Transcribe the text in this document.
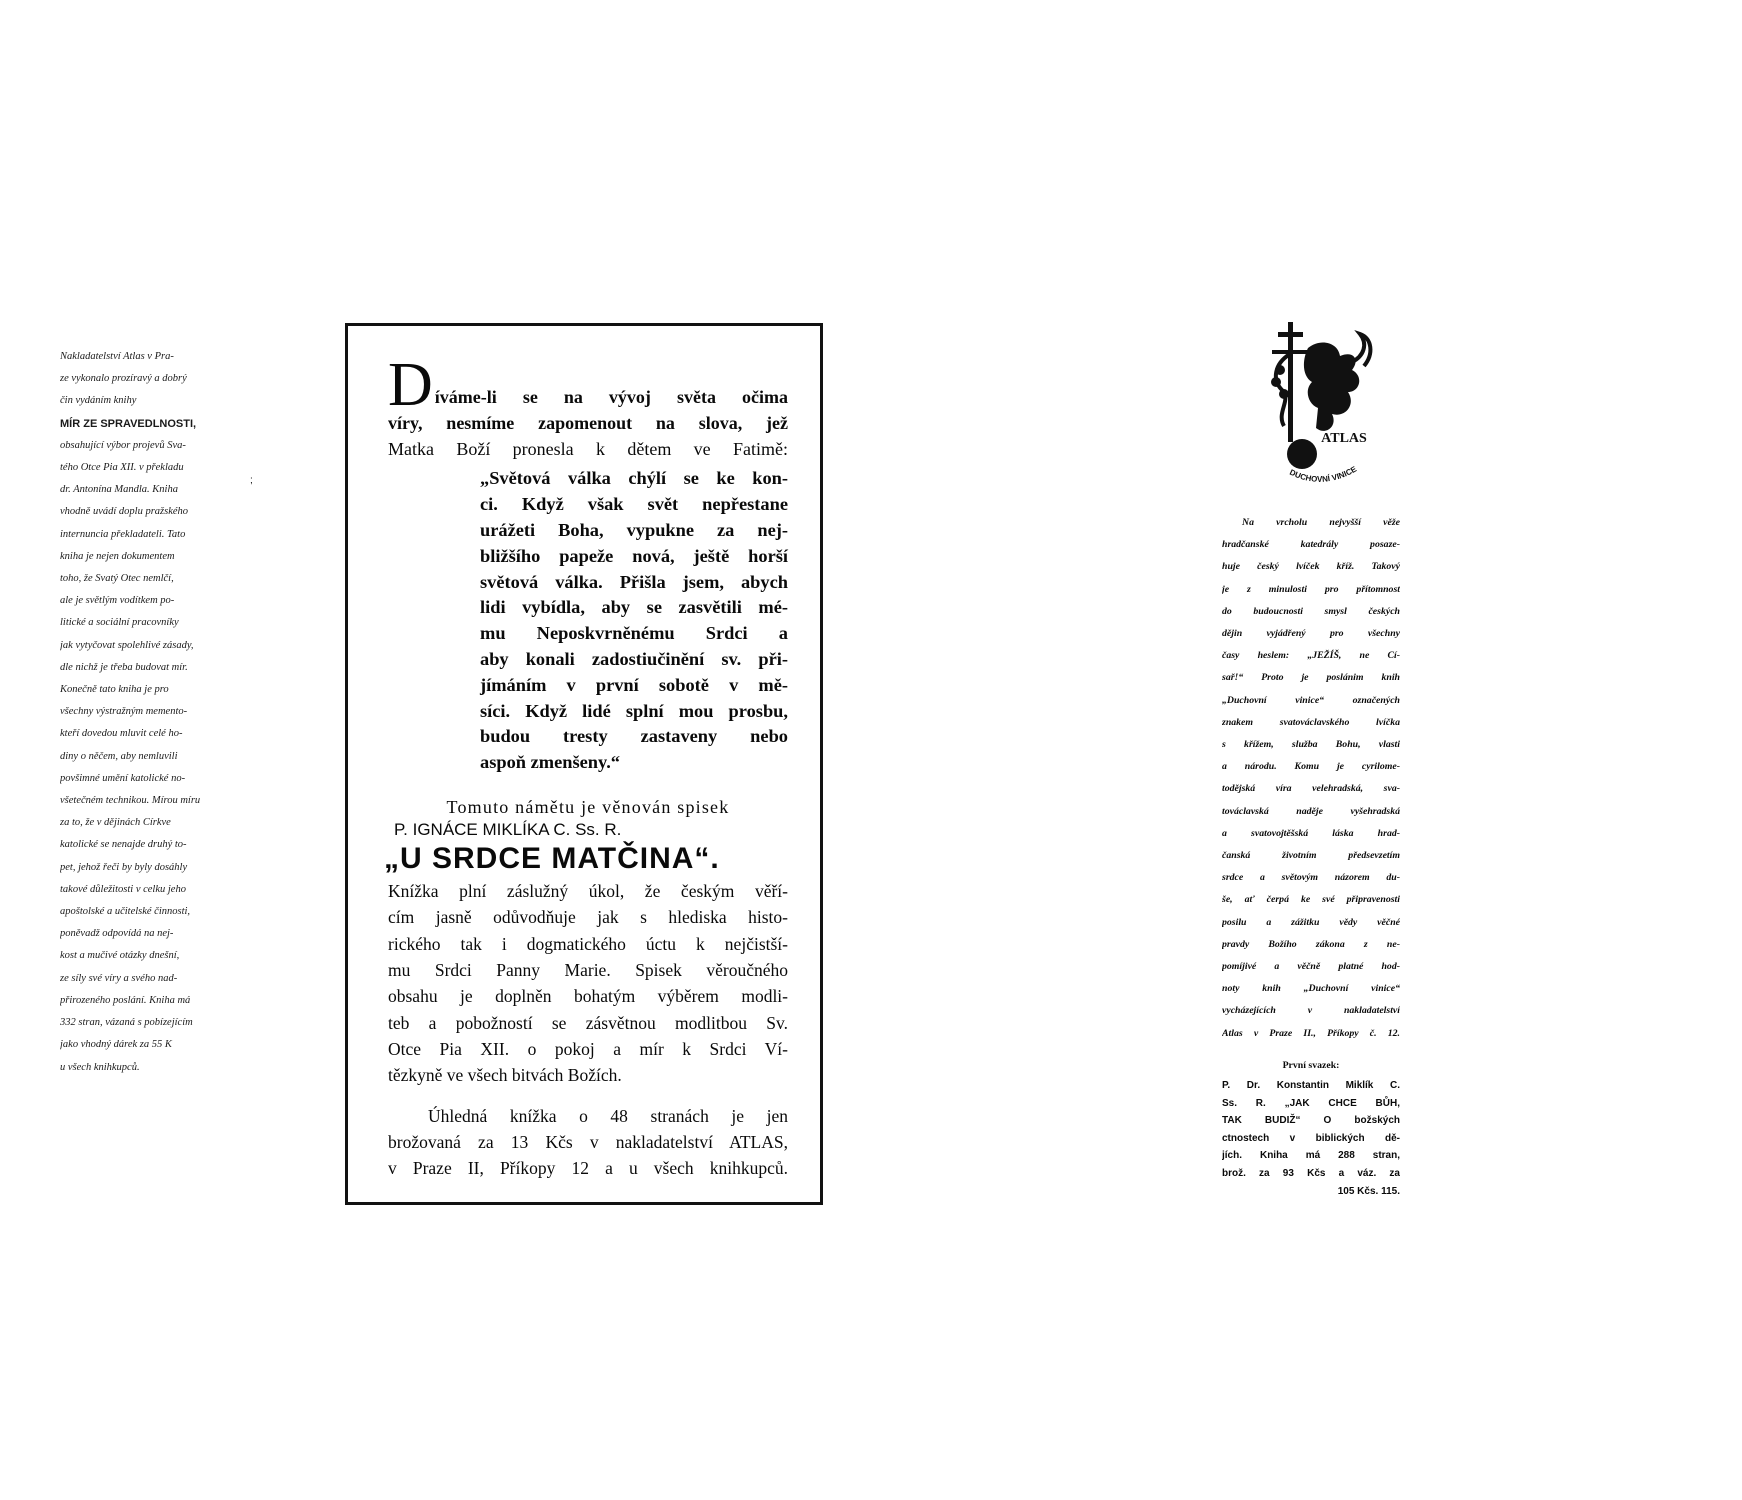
Nakladatelství Atlas v Pra-
ze vykonalo prozíravý a dobrý
čin vydáním knihy
MÍR ZE SPRAVEDLNOSTI,
obsahující výbor projevů Sva-
tého Otce Pia XII. v překladu
dr. Antonína Mandla. Kniha
vhodně uvádí doplu pražského
internuncia překladateli. Tato
kniha je nejen dokumentem
toho, že Svatý Otec nemlčí,
ale je světlým vodítkem po-
litické a sociální pracovníky
jak vytyčovat spolehlivé zásady,
dle nichž je třeba budovat mír.
Konečně tato kniha je pro
všechny výstražným memento-
kteří dovedou mluvit celé ho-
diny o něčem, aby nemluvili
povšimné umění katolické no-
všetečném technikou. Mírou míru
za to, že v dějinách Církve
katolické se nenajde druhý to-
pet, jehož řeči by byly dosáhly
takové důležitosti v celku jeho
apoštolské a učitelské činnosti,
poněvadž odpovídá na nej-
kost a mučivé otázky dnešní,
ze síly své víry a svého nad-
přirozeného poslání. Kniha má
332 stran, vázaná s pobízejícím
jako vhodný dárek za 55 K
u všech knihkupců.
;
D íváme-li se na vývoj světa očima
víry, nesmíme zapomenout na slova, jež
Matka Boží pronesla k dětem ve Fatimě:
„Světová válka chýlí se ke kon-
ci. Když však svět nepřestane
urážeti Boha, vypukne za nej-
bližšího papeže nová, ještě horší
světová válka. Přišla jsem, abych
lidi vybídla, aby se zasvětili mé-
mu Neposkvrněnému Srdci a
aby konali zadostiučinění sv. při-
jímáním v první sobotě v mě-
síci. Když lidé splní mou prosbu,
budou tresty zastaveny nebo
aspoň zmenšeny.“
Tomuto námětu je věnován spisek
P. IGNÁCE MIKLÍKA C. Ss. R.
„U SRDCE MATČINA“.
Knížka plní záslužný úkol, že českým věří-
cím jasně odůvodňuje jak s hlediska histo-
rického tak i dogmatického úctu k nejčistší-
mu Srdci Panny Marie. Spisek věroučného
obsahu je doplněn bohatým výběrem modli-
teb a pobožností se zásvětnou modlitbou Sv.
Otce Pia XII. o pokoj a mír k Srdci Ví-
tězkyně ve všech bitvách Božích.
Úhledná knížka o 48 stranách je jen
brožovaná za 13 Kčs v nakladatelství ATLAS,
v Praze II, Příkopy 12 a u všech knihkupců.
ATLAS
DUCHOVNÍ VINICE
Na vrcholu nejvyšší věže
hradčanské katedrály posaze-
huje český lvíček kříž. Takový
je z minulosti pro přítomnost
do budoucnosti smysl českých
dějin vyjádřený pro všechny
časy heslem: „JEŽÍŠ, ne Cí-
sař!“ Proto je poslánim knih
„Duchovní vinice“ označených
znakem svatováclavského lvíčka
s křížem, služba Bohu, vlasti
a národu. Komu je cyrilome-
todějská víra velehradská, sva-
továclavská naděje vyšehradská
a svatovojtěšská láska hrad-
čanská životním předsevzetím
srdce a světovým názorem du-
še, ať čerpá ke své připravenosti
posilu a zážitku vědy věčné
pravdy Božího zákona z ne-
pomíjivé a věčně platné hod-
noty knih „Duchovní vinice“
vycházejících v nakladatelství
Atlas v Praze II., Příkopy č. 12.
První svazek:
P. Dr. Konstantin Miklík C.
Ss. R. „JAK CHCE BŮH,
TAK BUDIŽ“ O božských
ctnostech v biblických dě-
jích. Kniha má 288 stran,
brož. za 93 Kčs a váz. za
105 Kčs. 115.
